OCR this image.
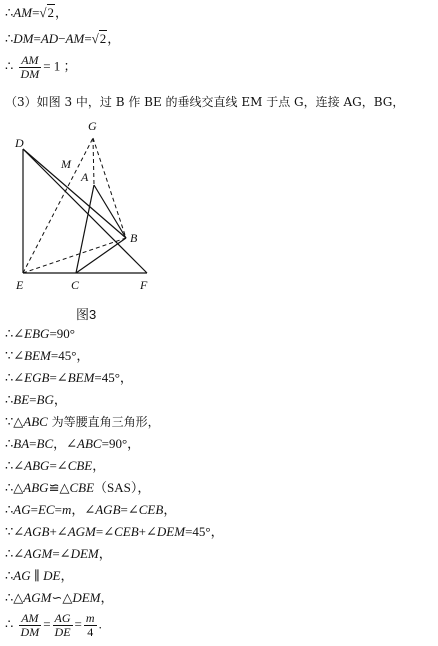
∴AM=√2，
∴DM=AD−AM=√2，
∴ $\frac{AM}{DM} = 1$ ；
（3）如图 3 中，过 B 作 BE 的垂线交直线 EM 于点 G，连接 AG，BG，
D
G
M
A
B
E	C	F
图3
∴∠EBG=90°
∵∠BEM=45°，
∴∠EGB=∠BEM=45°，
∴BE=BG，
∵△ABC 为等腰直角三角形，
∴BA=BC，∠ABC=90°，
∴∠ABG=∠CBE，
∴△ABG≌△CBE（SAS），
∴AG=EC=m，∠AGB=∠CEB，
∵∠AGB+∠AGM=∠CEB+∠DEM=45°，
∴∠AGM=∠DEM，
∴AG ∥ DE，
∴△AGM∽△DEM，
∴ $\frac{AM}{DM} = \frac{AG}{DE} = \frac{m}{4}$ .
